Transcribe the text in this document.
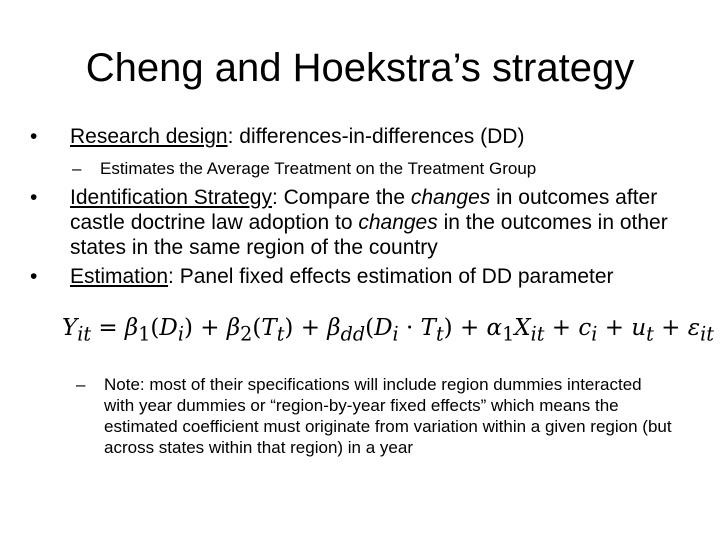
Cheng and Hoekstra’s strategy
• Research design: differences-in-differences (DD)
– Estimates the Average Treatment on the Treatment Group
• Identification Strategy: Compare the changes in outcomes after castle doctrine law adoption to changes in the outcomes in other states in the same region of the country
• Estimation: Panel fixed effects estimation of DD parameter
$Y_{it} = \beta_1(D_i) + \beta_2(T_t) + \beta_{dd}(D_i \cdot T_t) + \alpha_1X_{it} + c_i + u_t + \varepsilon_{it}$
– Note: most of their specifications will include region dummies interacted with year dummies or “region-by-year fixed effects” which means the estimated coefficient must originate from variation within a given region (but across states within that region) in a year
